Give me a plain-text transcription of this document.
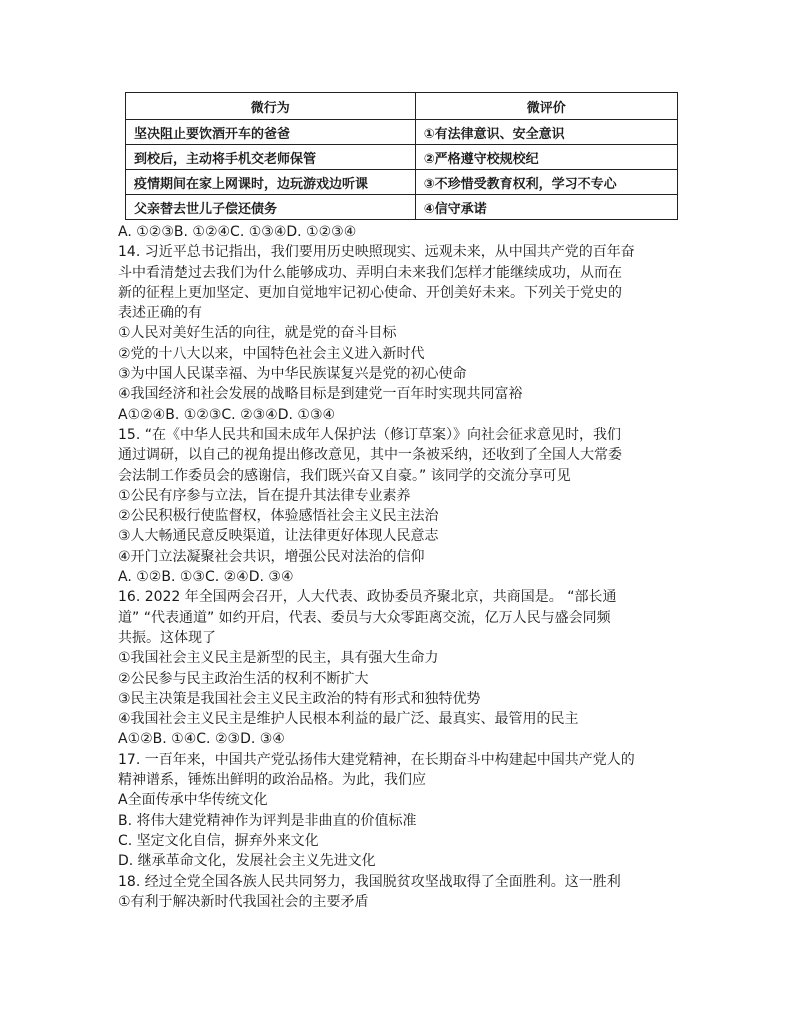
微行为	微评价
坚决阻止要饮酒开车的爸爸	①有法律意识、安全意识
到校后，主动将手机交老师保管	②严格遵守校规校纪
疫情期间在家上网课时，边玩游戏边听课	③不珍惜受教育权利，学习不专心
父亲替去世儿子偿还债务	④信守承诺

A. ①②③B. ①②④C. ①③④D. ①②③④

14. 习近平总书记指出，我们要用历史映照现实、远观未来，从中国共产党的百年奋

斗中看清楚过去我们为什么能够成功、弄明白未来我们怎样才能继续成功，从而在

新的征程上更加坚定、更加自觉地牢记初心使命、开创美好未来。下列关于党史的

表述正确的有

①人民对美好生活的向往，就是党的奋斗目标

②党的十八大以来，中国特色社会主义进入新时代

③为中国人民谋幸福、为中华民族谋复兴是党的初心使命

④我国经济和社会发展的战略目标是到建党一百年时实现共同富裕

A①②④B. ①②③C. ②③④D. ①③④

15. “在《中华人民共和国未成年人保护法（修订草案）》向社会征求意见时，我们

通过调研，以自己的视角提出修改意见，其中一条被采纳，还收到了全国人大常委

会法制工作委员会的感谢信，我们既兴奋又自豪。” 该同学的交流分享可见

①公民有序参与立法，旨在提升其法律专业素养

②公民积极行使监督权，体验感悟社会主义民主法治

③人大畅通民意反映渠道，让法律更好体现人民意志

④开门立法凝聚社会共识，增强公民对法治的信仰

A. ①②B. ①③C. ②④D. ③④

16. 2022 年全国两会召开，人大代表、政协委员齐聚北京，共商国是。 “部长通

道” “代表通道” 如约开启，代表、委员与大众零距离交流，亿万人民与盛会同频

共振。这体现了

①我国社会主义民主是新型的民主，具有强大生命力

②公民参与民主政治生活的权利不断扩大

③民主决策是我国社会主义民主政治的特有形式和独特优势

④我国社会主义民主是维护人民根本利益的最广泛、最真实、最管用的民主

A①②B. ①④C. ②③D. ③④

17. 一百年来，中国共产党弘扬伟大建党精神，在长期奋斗中构建起中国共产党人的

精神谱系，锤炼出鲜明的政治品格。为此，我们应

A全面传承中华传统文化

B. 将伟大建党精神作为评判是非曲直的价值标准

C. 坚定文化自信，摒弃外来文化

D. 继承革命文化，发展社会主义先进文化

18. 经过全党全国各族人民共同努力，我国脱贫攻坚战取得了全面胜利。这一胜利

①有利于解决新时代我国社会的主要矛盾
